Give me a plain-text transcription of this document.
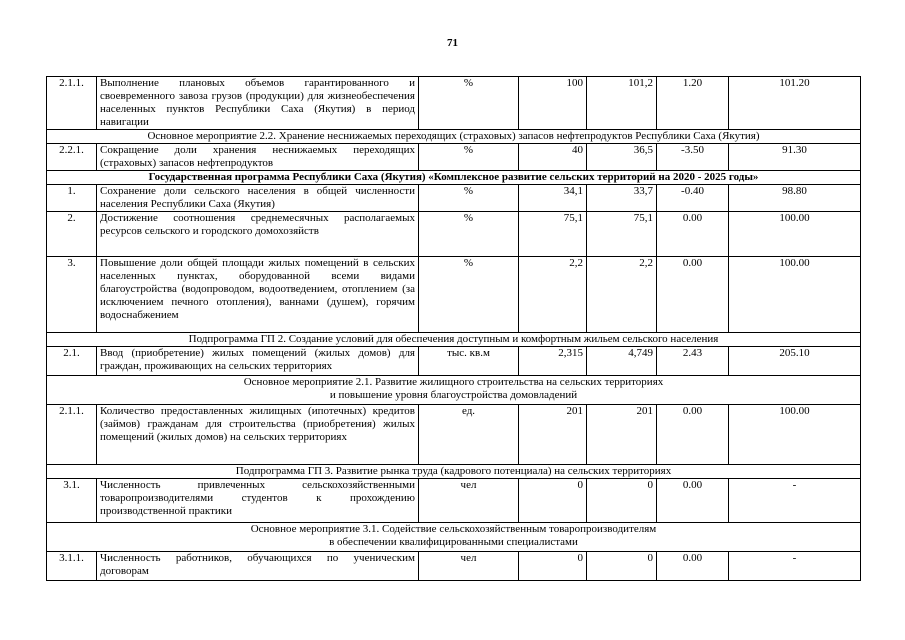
71
2.1.1.	Выполнение плановых объемов гарантированного и своевременного завоза грузов (продукции) для жизнеобеспечения населенных пунктов Республики Саха (Якутия) в период навигации	%	100	101,2	1.20	101.20
Основное мероприятие 2.2. Хранение неснижаемых переходящих (страховых) запасов нефтепродуктов Республики Саха (Якутия)						
2.2.1.	Сокращение доли хранения неснижаемых переходящих (страховых) запасов нефтепродуктов	%	40	36,5	-3.50	91.30
Государственная программа Республики Саха (Якутия) «Комплексное развитие сельских территорий на 2020 - 2025 годы»						
1.	Сохранение доли сельского населения в общей численности населения Республики Саха (Якутия)	%	34,1	33,7	-0.40	98.80
2.	Достижение соотношения среднемесячных располагаемых ресурсов сельского и городского домохозяйств	%	75,1	75,1	0.00	100.00
3.	Повышение доли общей площади жилых помещений в сельских населенных пунктах, оборудованной всеми видами благоустройства (водопроводом, водоотведением, отоплением (за исключением печного отопления), ваннами (душем), горячим водоснабжением	%	2,2	2,2	0.00	100.00
Подпрограмма ГП 2. Создание условий для обеспечения доступным и комфортным жильем сельского населения						
2.1.	Ввод (приобретение) жилых помещений (жилых домов) для граждан, проживающих на сельских территориях	тыс. кв.м	2,315	4,749	2.43	205.10

Основное мероприятие 2.1. Развитие жилищного строительства на сельских территориях
и повышение уровня благоустройства домовладений						

2.1.1.	Количество предоставленных жилищных (ипотечных) кредитов (займов) гражданам для строительства (приобретения) жилых помещений (жилых домов) на сельских территориях	ед.	201	201	0.00	100.00
Подпрограмма ГП 3. Развитие рынка труда (кадрового потенциала) на сельских территориях						
3.1.	Численность привлеченных сельскохозяйственными товаропроизводителями студентов к прохождению производственной практики	чел	0	0	0.00	-

Основное мероприятие 3.1. Содействие сельскохозяйственным товаропроизводителям
в обеспечении квалифицированными специалистами						

3.1.1.	Численность работников, обучающихся по ученическим договорам	чел	0	0	0.00	-
